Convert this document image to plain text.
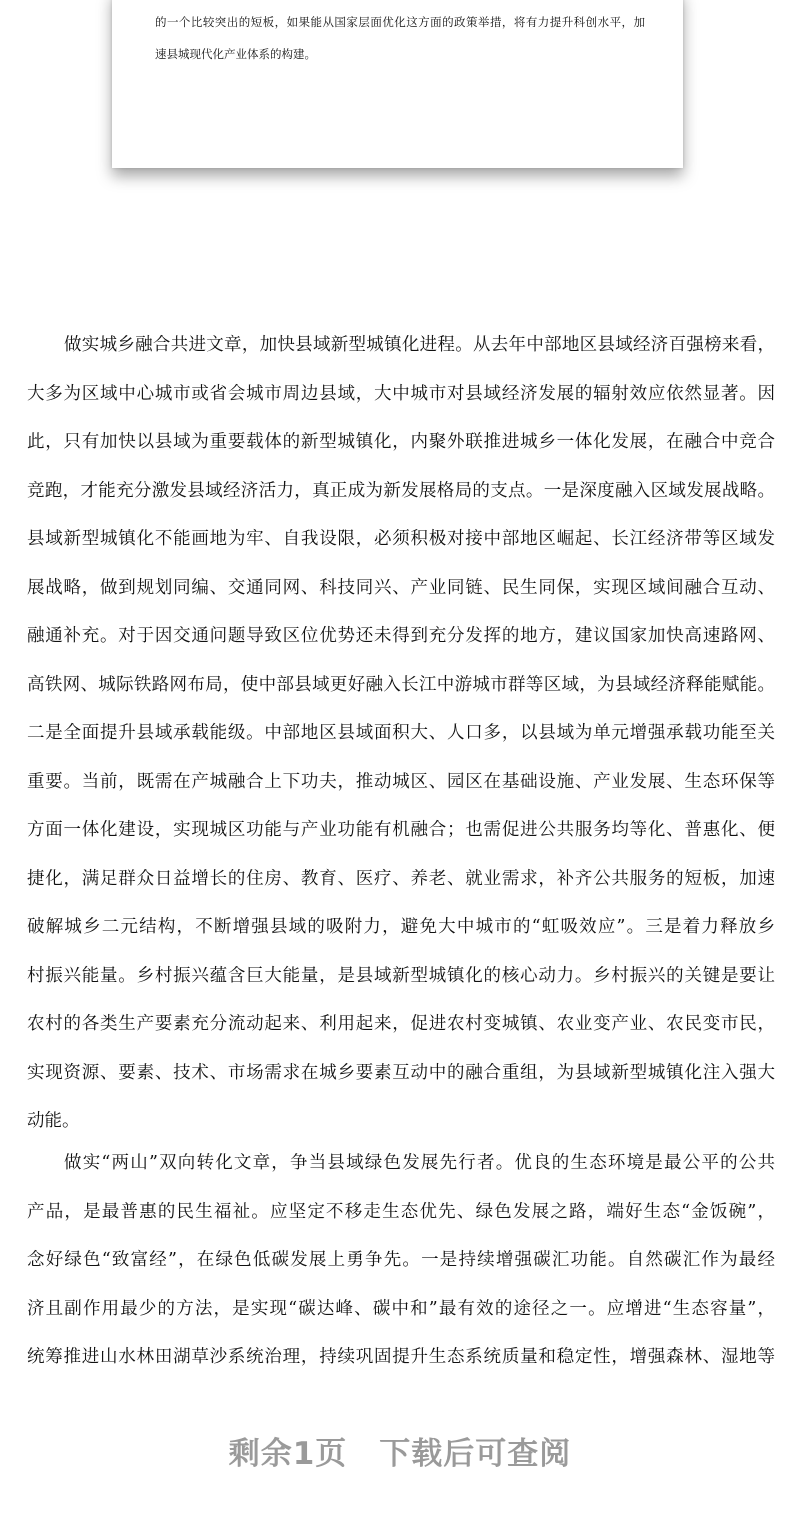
的一个比较突出的短板，如果能从国家层面优化这方面的政策举措，将有力提升科创水平，加
速县城现代化产业体系的构建。
做实城乡融合共进文章，加快县域新型城镇化进程。从去年中部地区县域经济百强榜来看，
大多为区域中心城市或省会城市周边县域，大中城市对县域经济发展的辐射效应依然显著。因
此，只有加快以县域为重要载体的新型城镇化，内聚外联推进城乡一体化发展，在融合中竞合
竞跑，才能充分激发县域经济活力，真正成为新发展格局的支点。一是深度融入区域发展战略。
县域新型城镇化不能画地为牢、自我设限，必须积极对接中部地区崛起、长江经济带等区域发
展战略，做到规划同编、交通同网、科技同兴、产业同链、民生同保，实现区域间融合互动、
融通补充。对于因交通问题导致区位优势还未得到充分发挥的地方，建议国家加快高速路网、
高铁网、城际铁路网布局，使中部县域更好融入长江中游城市群等区域，为县域经济释能赋能。
二是全面提升县域承载能级。中部地区县域面积大、人口多，以县域为单元增强承载功能至关
重要。当前，既需在产城融合上下功夫，推动城区、园区在基础设施、产业发展、生态环保等
方面一体化建设，实现城区功能与产业功能有机融合；也需促进公共服务均等化、普惠化、便
捷化，满足群众日益增长的住房、教育、医疗、养老、就业需求，补齐公共服务的短板，加速
破解城乡二元结构，不断增强县域的吸附力，避免大中城市的“虹吸效应”。三是着力释放乡
村振兴能量。乡村振兴蕴含巨大能量，是县域新型城镇化的核心动力。乡村振兴的关键是要让
农村的各类生产要素充分流动起来、利用起来，促进农村变城镇、农业变产业、农民变市民，
实现资源、要素、技术、市场需求在城乡要素互动中的融合重组，为县域新型城镇化注入强大
动能。
做实“两山”双向转化文章，争当县域绿色发展先行者。优良的生态环境是最公平的公共
产品，是最普惠的民生福祉。应坚定不移走生态优先、绿色发展之路，端好生态“金饭碗”，
念好绿色“致富经”，在绿色低碳发展上勇争先。一是持续增强碳汇功能。自然碳汇作为最经
济且副作用最少的方法，是实现“碳达峰、碳中和”最有效的途径之一。应增进“生态容量”，
统筹推进山水林田湖草沙系统治理，持续巩固提升生态系统质量和稳定性，增强森林、湿地等
剩余1页　下载后可查阅
